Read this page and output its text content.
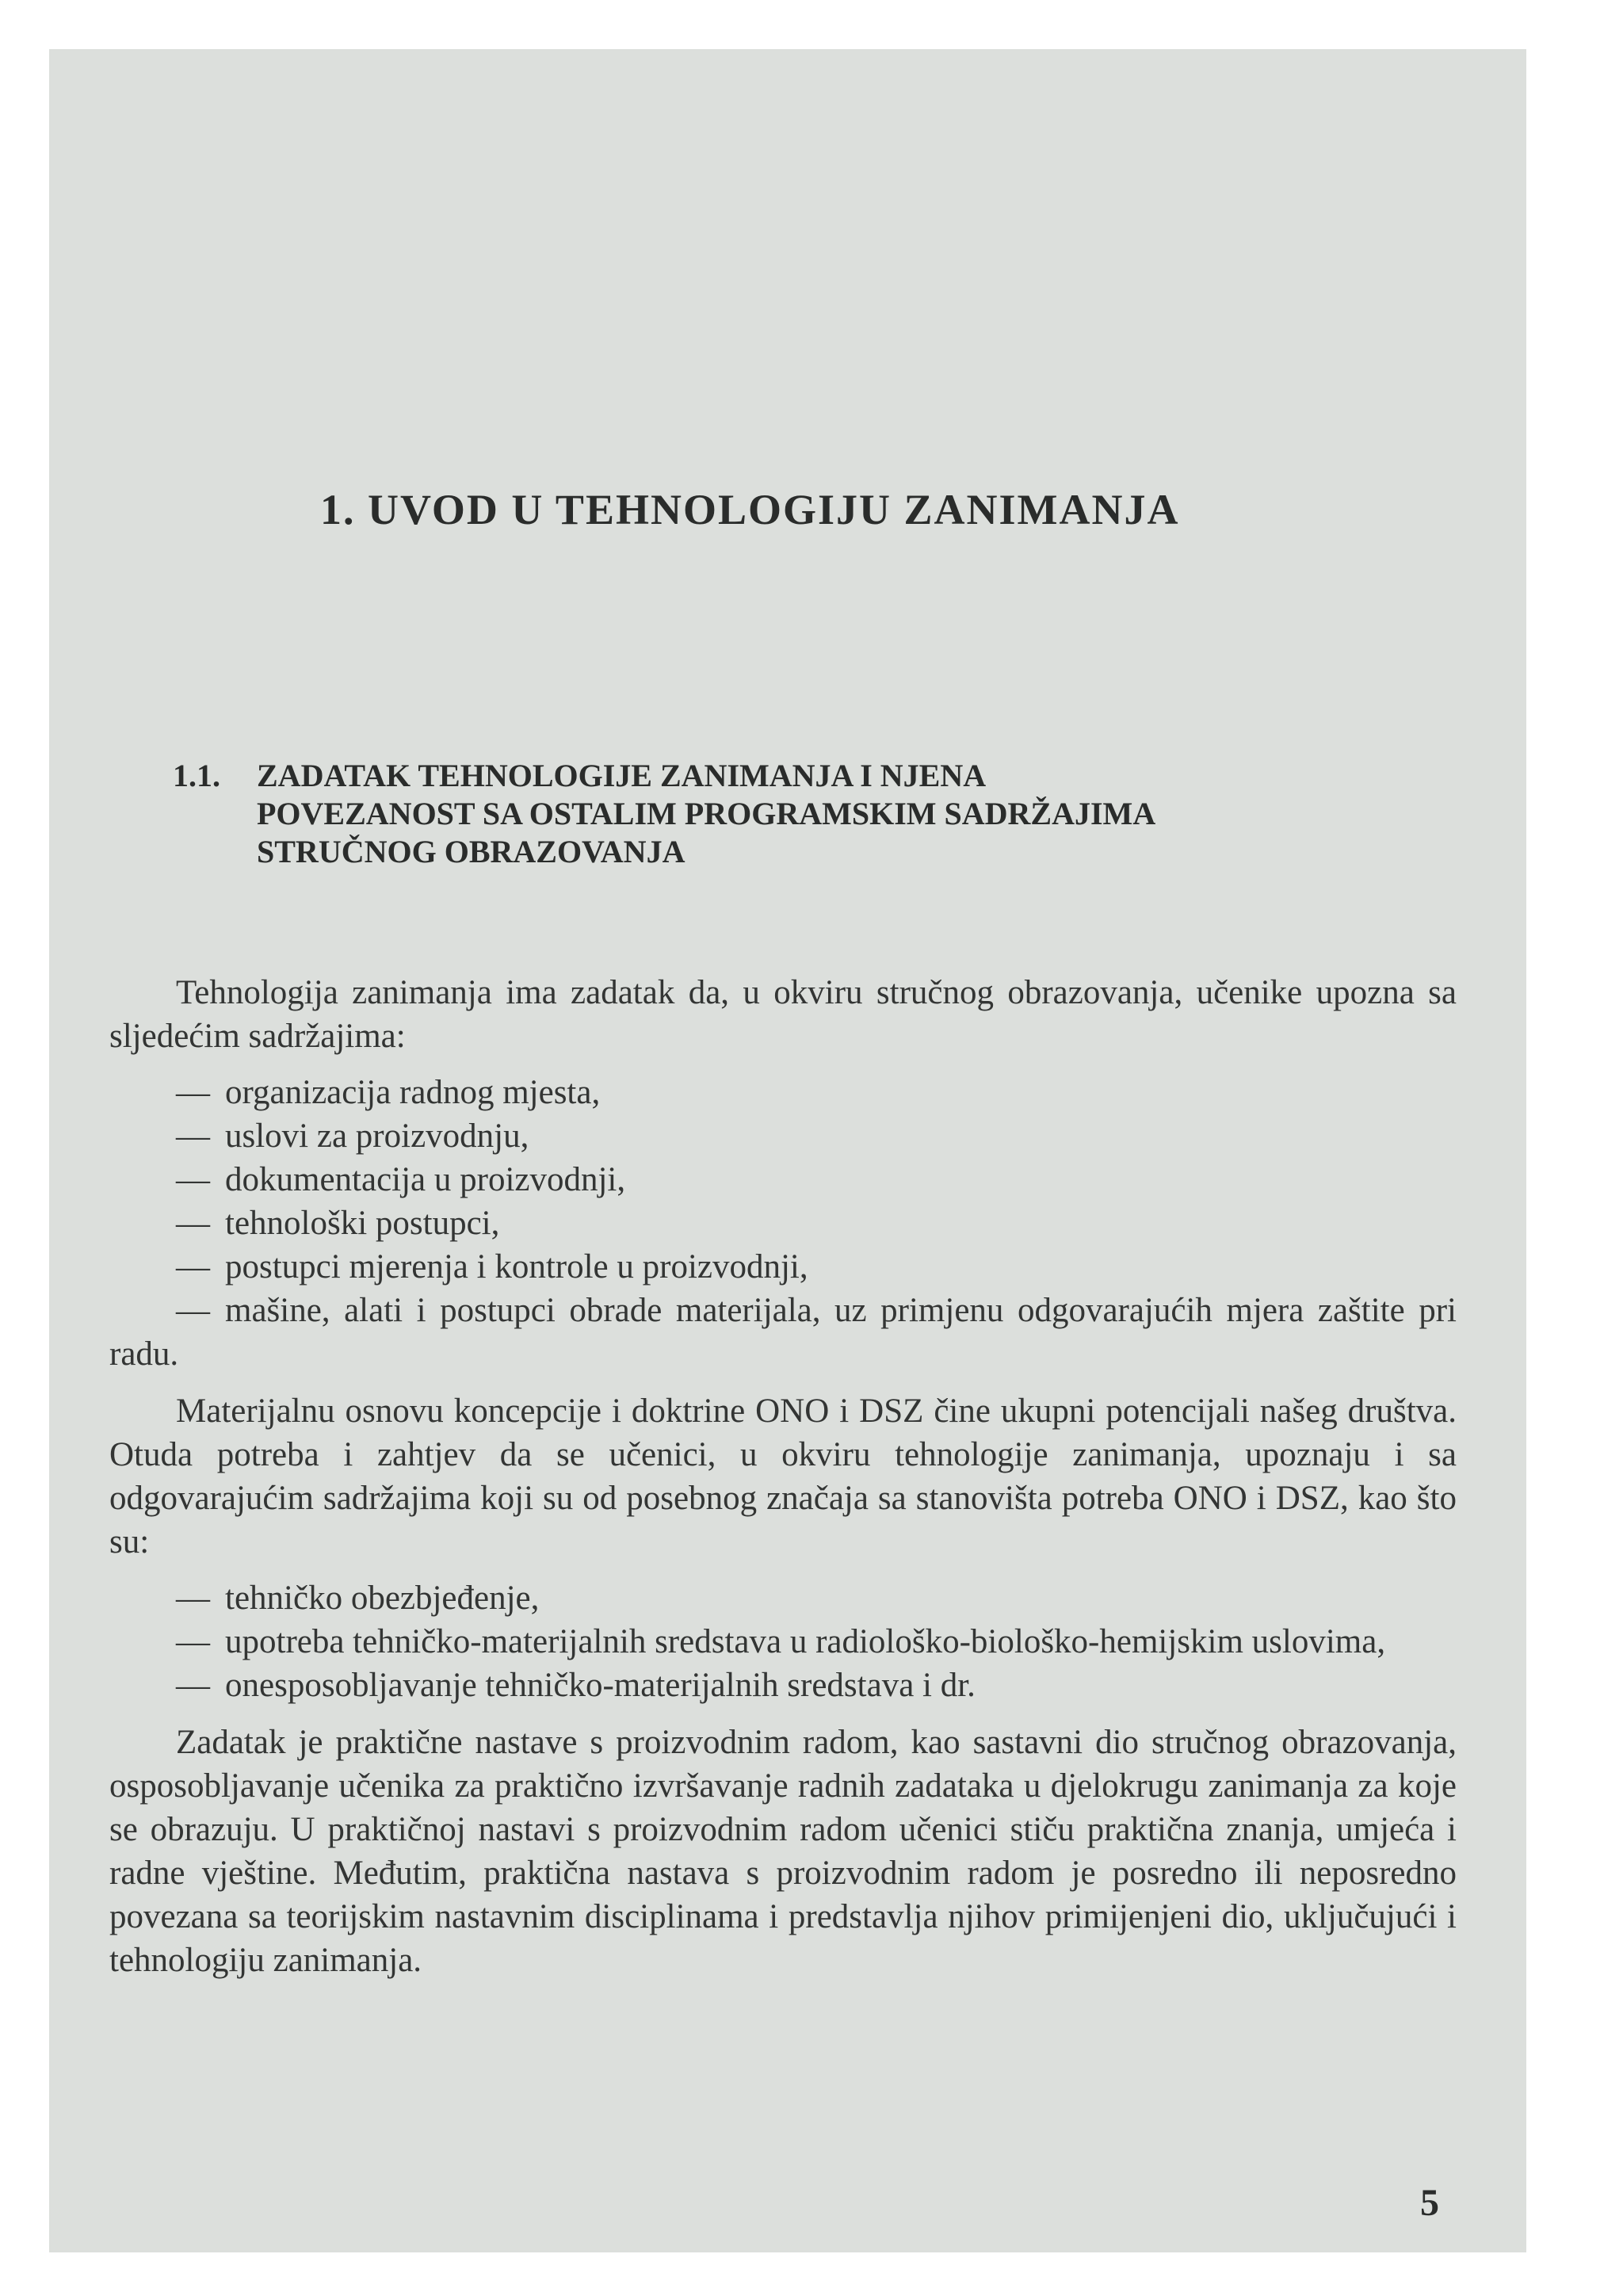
1. UVOD U TEHNOLOGIJU ZANIMANJA
1.1. ZADATAK TEHNOLOGIJE ZANIMANJA I NJENA
POVEZANOST SA OSTALIM PROGRAMSKIM SADRŽAJIMA
STRUČNOG OBRAZOVANJA

Tehnologija zanimanja ima zadatak da, u okviru stručnog obrazovanja, učenike upozna sa sljedećim sadržajima:

— organizacija radnog mjesta,
— uslovi za proizvodnju,
— dokumentacija u proizvodnji,
— tehnološki postupci,
— postupci mjerenja i kontrole u proizvodnji,
— mašine, alati i postupci obrade materijala, uz primjenu odgovarajućih mjera zaštite pri radu.

Materijalnu osnovu koncepcije i doktrine ONO i DSZ čine ukupni potencijali našeg društva. Otuda potreba i zahtjev da se učenici, u okviru tehnologije zanimanja, upoznaju i sa odgovarajućim sadržajima koji su od posebnog značaja sa stanovišta potreba ONO i DSZ, kao što su:

— tehničko obezbjeđenje,
— upotreba tehničko-materijalnih sredstava u radiološko-biološko-hemijskim uslovima,
— onesposobljavanje tehničko-materijalnih sredstava i dr.

Zadatak je praktične nastave s proizvodnim radom, kao sastavni dio stručnog obrazovanja, osposobljavanje učenika za praktično izvršavanje radnih zadataka u djelokrugu zanimanja za koje se obrazuju. U praktičnoj nastavi s proizvodnim radom učenici stiču praktična znanja, umjeća i radne vještine. Međutim, praktična nastava s proizvodnim radom je posredno ili neposredno povezana sa teorijskim nastavnim disciplinama i predstavlja njihov primijenjeni dio, uključujući i tehnologiju zanimanja.

5
